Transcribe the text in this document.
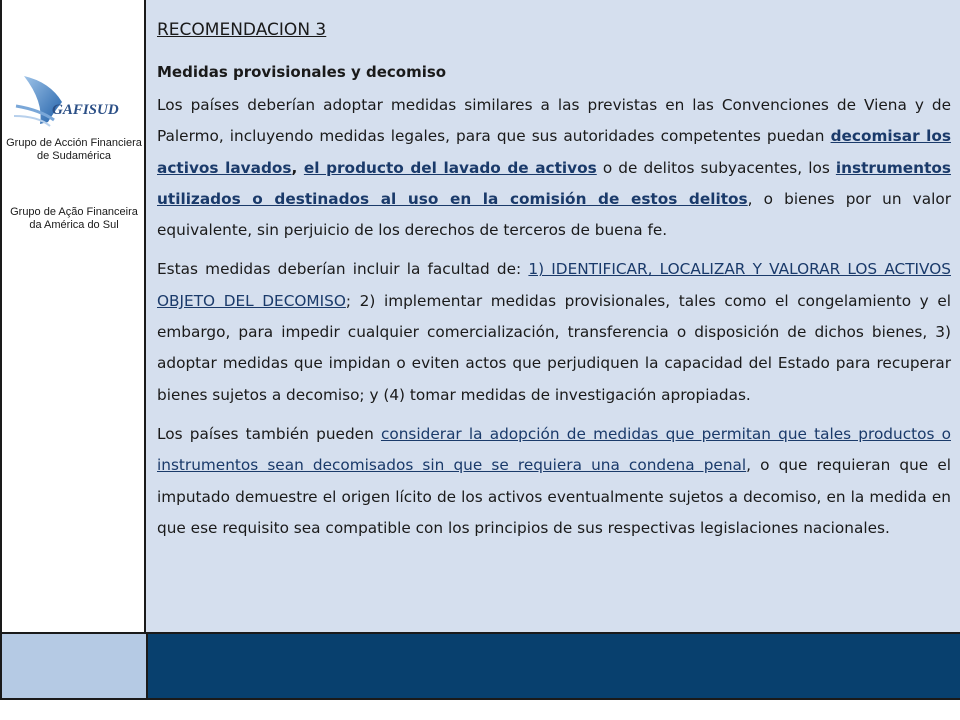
GAFISUD
Grupo de Acción Financiera de Sudamérica
Grupo de Ação Financeira da América do Sul
RECOMENDACION 3
Medidas provisionales y decomiso

Los países deberían adoptar medidas similares a las previstas en las Convenciones de Viena y de Palermo, incluyendo medidas legales, para que sus autoridades competentes puedan decomisar los activos lavados, el producto del lavado de activos o de delitos subyacentes, los instrumentos utilizados o destinados al uso en la comisión de estos delitos, o bienes por un valor equivalente, sin perjuicio de los derechos de terceros de buena fe.

Estas medidas deberían incluir la facultad de: 1) IDENTIFICAR, LOCALIZAR Y VALORAR LOS ACTIVOS OBJETO DEL DECOMISO; 2) implementar medidas provisionales, tales como el congelamiento y el embargo, para impedir cualquier comercialización, transferencia o disposición de dichos bienes, 3) adoptar medidas que impidan o eviten actos que perjudiquen la capacidad del Estado para recuperar bienes sujetos a decomiso; y (4) tomar medidas de investigación apropiadas.

Los países también pueden considerar la adopción de medidas que permitan que tales productos o instrumentos sean decomisados sin que se requiera una condena penal, o que requieran que el imputado demuestre el origen lícito de los activos eventualmente sujetos a decomiso, en la medida en que ese requisito sea compatible con los principios de sus respectivas legislaciones nacionales.
